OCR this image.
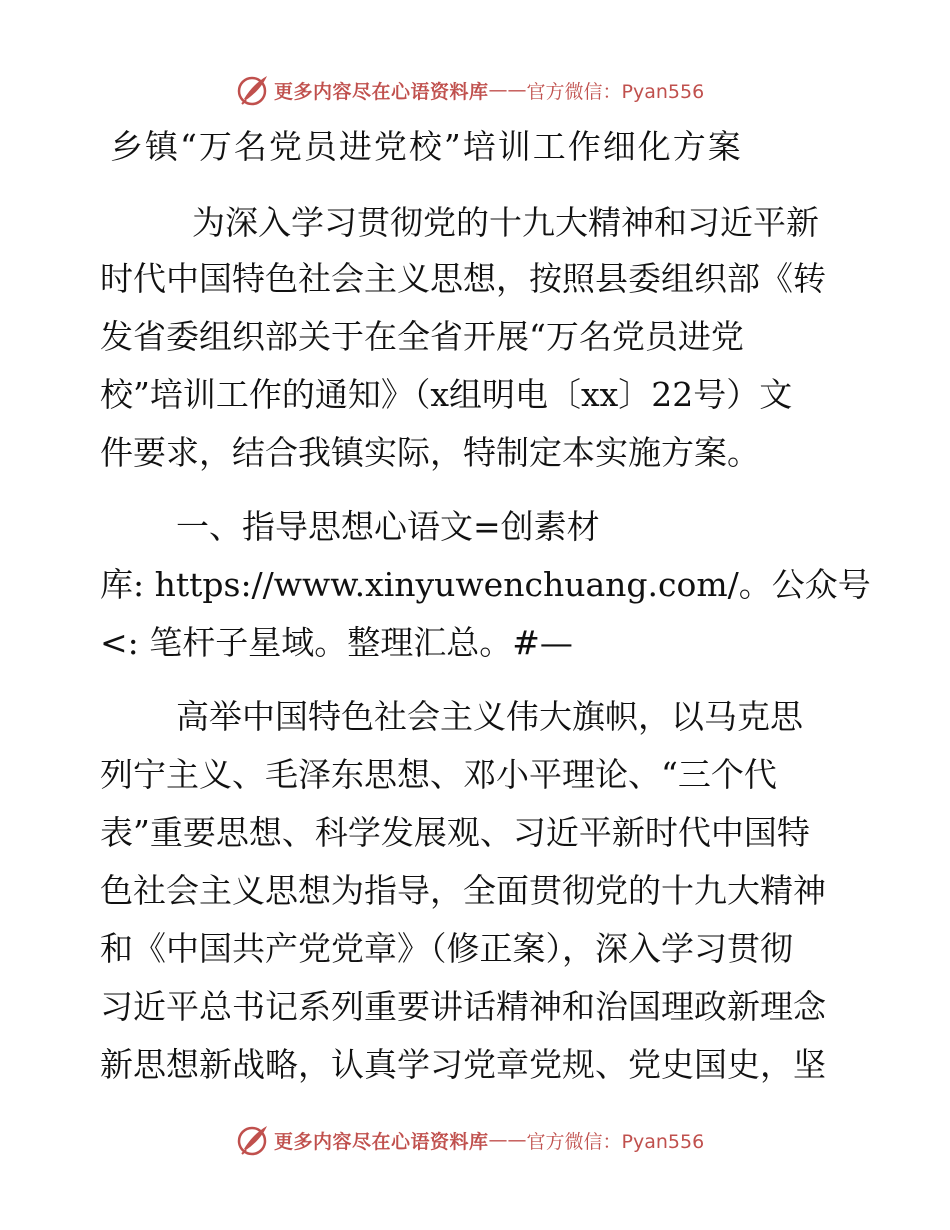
更多内容尽在心语资料库 —— 官方微信：Pyan556
乡镇“万名党员进党校”培训工作细化方案
为深入学习贯彻党的十九大精神和习近平新
时代中国特色社会主义思想，按照县委组织部《转
发省委组织部关于在全省开展“万名党员进党
校”培训工作的通知》（x组明电〔xx〕22号）文
件要求，结合我镇实际，特制定本实施方案。
一、指导思想心语文=创素材
库: https://www.xinyuwenchuang.com/。公众号
<: 笔杆子星域。整理汇总。#—
高举中国特色社会主义伟大旗帜，以马克思
列宁主义、毛泽东思想、邓小平理论、“三个代
表”重要思想、科学发展观、习近平新时代中国特
色社会主义思想为指导，全面贯彻党的十九大精神
和《中国共产党党章》（修正案），深入学习贯彻
习近平总书记系列重要讲话精神和治国理政新理念
新思想新战略，认真学习党章党规、党史国史，坚
更多内容尽在心语资料库 —— 官方微信：Pyan556
